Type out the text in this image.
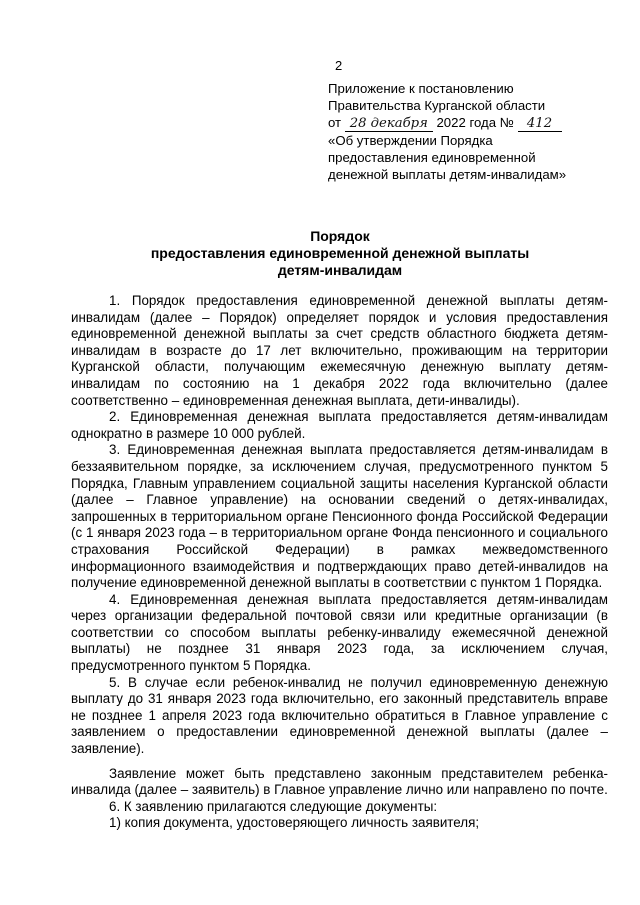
2
Приложение к постановлению
Правительства Курганской области
от 28 декабря 2022 года № 412
«Об утверждении Порядка
предоставления единовременной
денежной выплаты детям-инвалидам»
Порядок
предоставления единовременной денежной выплаты
детям-инвалидам

1. Порядок предоставления единовременной денежной выплаты детям-инвалидам (далее – Порядок) определяет порядок и условия предоставления единовременной денежной выплаты за счет средств областного бюджета детям-инвалидам в возрасте до 17 лет включительно, проживающим на территории Курганской области, получающим ежемесячную денежную выплату детям-инвалидам по состоянию на 1 декабря 2022 года включительно (далее соответственно – единовременная денежная выплата, дети-инвалиды).

2. Единовременная денежная выплата предоставляется детям-инвалидам однократно в размере 10 000 рублей.

3. Единовременная денежная выплата предоставляется детям-инвалидам в беззаявительном порядке, за исключением случая, предусмотренного пунктом 5 Порядка, Главным управлением социальной защиты населения Курганской области (далее – Главное управление) на основании сведений о детях-инвалидах, запрошенных в территориальном органе Пенсионного фонда Российской Федерации (с 1 января 2023 года – в территориальном органе Фонда пенсионного и социального страхования Российской Федерации) в рамках межведомственного информационного взаимодействия и подтверждающих право детей-инвалидов на получение единовременной денежной выплаты в соответствии с пунктом 1 Порядка.

4. Единовременная денежная выплата предоставляется детям-инвалидам через организации федеральной почтовой связи или кредитные организации (в соответствии со способом выплаты ребенку-инвалиду ежемесячной денежной выплаты) не позднее 31 января 2023 года, за исключением случая, предусмотренного пунктом 5 Порядка.

5. В случае если ребенок-инвалид не получил единовременную денежную выплату до 31 января 2023 года включительно, его законный представитель вправе не позднее 1 апреля 2023 года включительно обратиться в Главное управление с заявлением о предоставлении единовременной денежной выплаты (далее – заявление).

Заявление может быть представлено законным представителем ребенка-инвалида (далее – заявитель) в Главное управление лично или направлено по почте.

6. К заявлению прилагаются следующие документы:

1) копия документа, удостоверяющего личность заявителя;
